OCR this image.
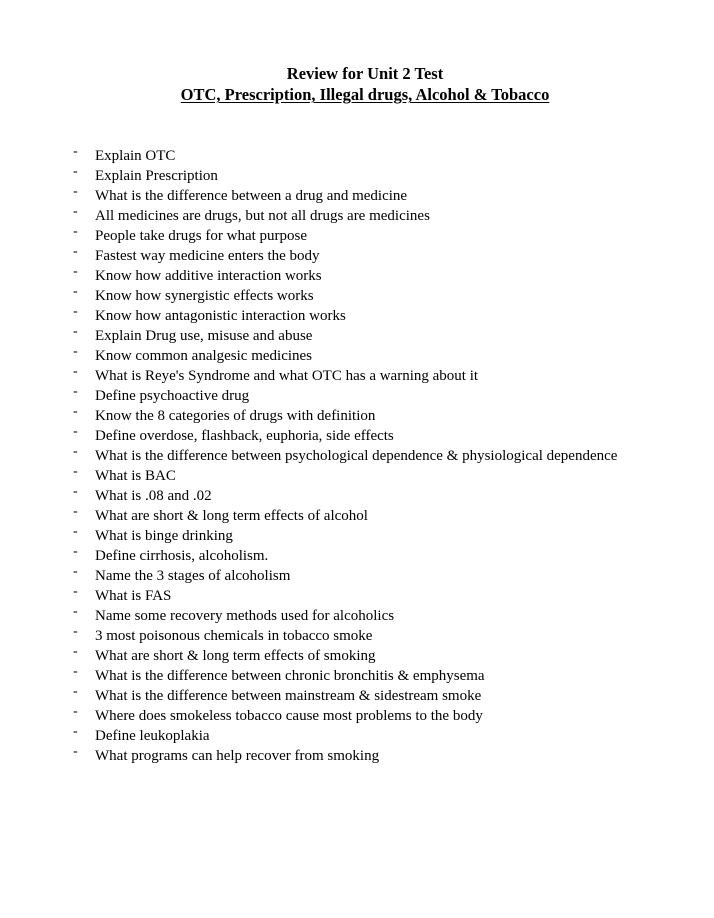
Review for Unit 2 Test
OTC, Prescription, Illegal drugs, Alcohol & Tobacco
- Explain OTC
- Explain Prescription
- What is the difference between a drug and medicine
- All medicines are drugs, but not all drugs are medicines
- People take drugs for what purpose
- Fastest way medicine enters the body
- Know how additive interaction works
- Know how synergistic effects works
- Know how antagonistic interaction works
- Explain Drug use, misuse and abuse
- Know common analgesic medicines
- What is Reye's Syndrome and what OTC has a warning about it
- Define psychoactive drug
- Know the 8 categories of drugs with definition
- Define overdose, flashback, euphoria, side effects
- What is the difference between psychological dependence & physiological dependence
- What is BAC
- What is .08 and .02
- What are short & long term effects of alcohol
- What is binge drinking
- Define cirrhosis, alcoholism.
- Name the 3 stages of alcoholism
- What is FAS
- Name some recovery methods used for alcoholics
- 3 most poisonous chemicals in tobacco smoke
- What are short & long term effects of smoking
- What is the difference between chronic bronchitis & emphysema
- What is the difference between mainstream & sidestream smoke
- Where does smokeless tobacco cause most problems to the body
- Define leukoplakia
- What programs can help recover from smoking
